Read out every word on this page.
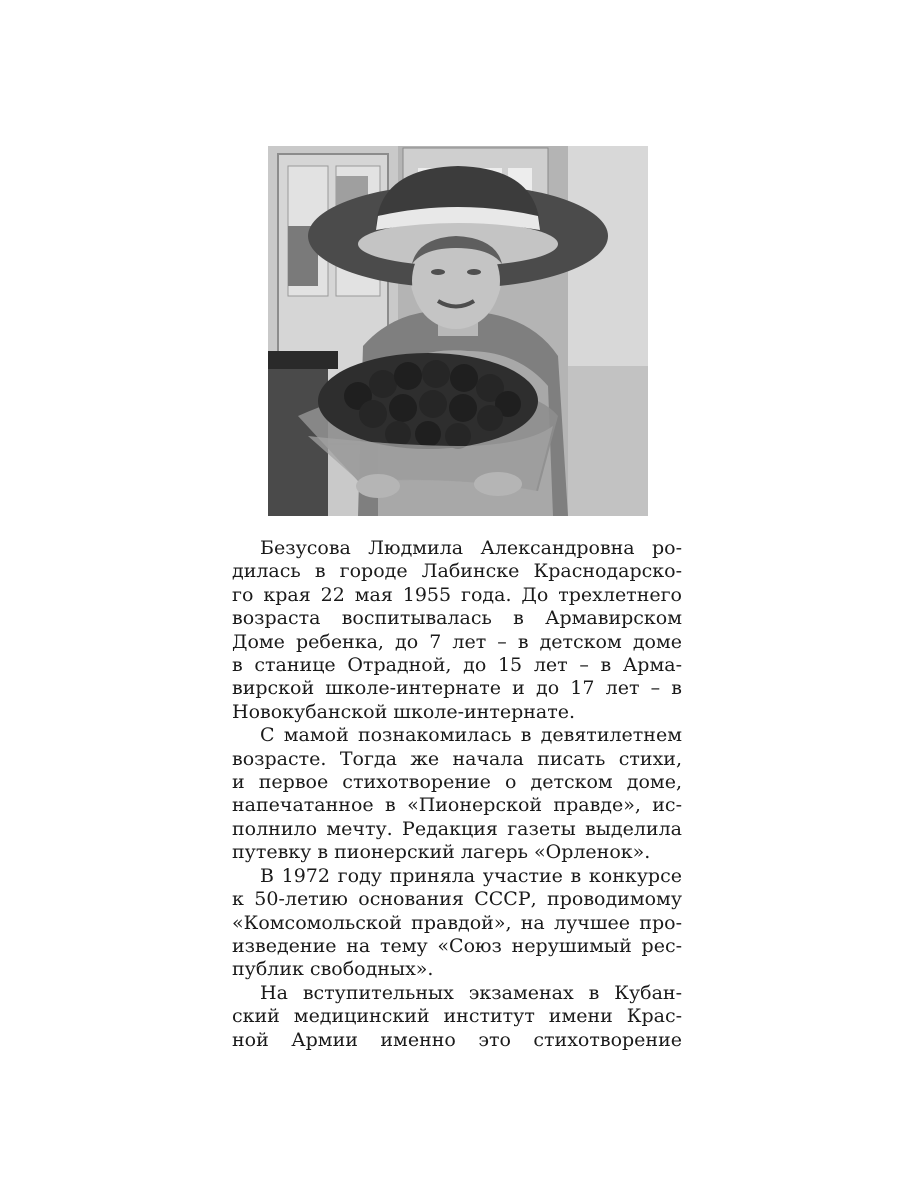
Безусова Людмила Александровна ро-
дилась в городе Лабинске Краснодарско-
го края 22 мая 1955 года. До трехлетнего
возраста воспитывалась в Армавирском
Доме ребенка, до 7 лет – в детском доме
в станице Отрадной, до 15 лет – в Арма-
вирской школе-интернате и до 17 лет – в
Новокубанской школе-интернате.

С мамой познакомилась в девятилетнем
возрасте. Тогда же начала писать стихи,
и первое стихотворение о детском доме,
напечатанное в «Пионерской правде», ис-
полнило мечту. Редакция газеты выделила
путевку в пионерский лагерь «Орленок».

В 1972 году приняла участие в конкурсе
к 50-летию основания СССР, проводимому
«Комсомольской правдой», на лучшее про-
изведение на тему «Союз нерушимый рес-
публик свободных».

На вступительных экзаменах в Кубан-
ский медицинский институт имени Крас-
ной Армии именно это стихотворение
